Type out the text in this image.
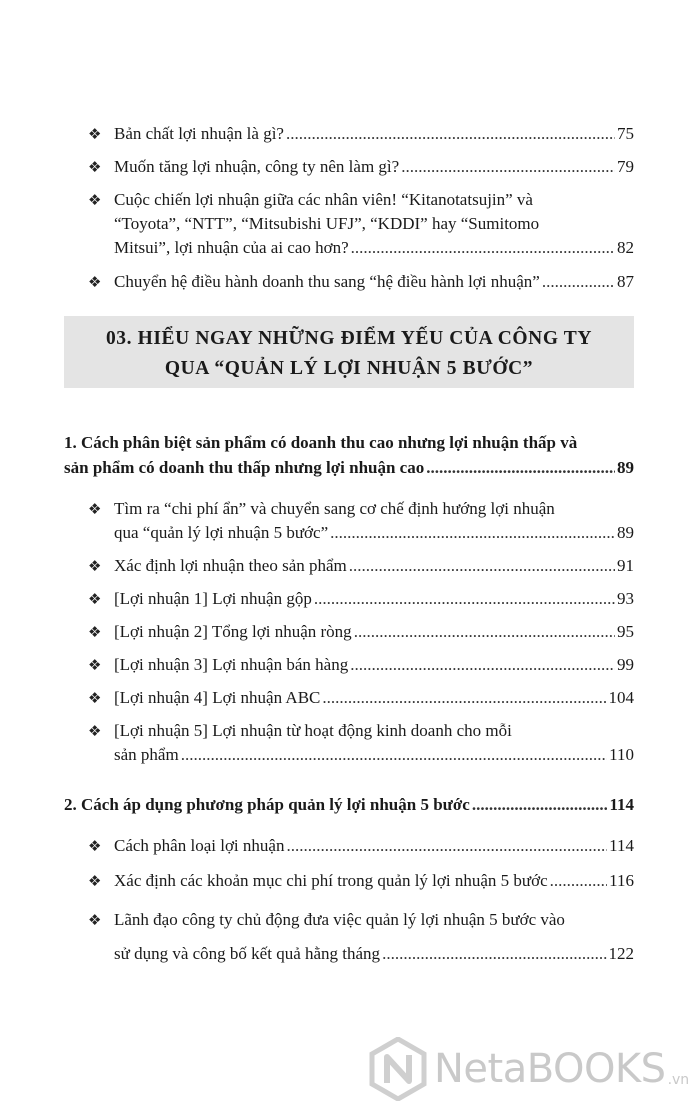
❖ Bản chất lợi nhuận là gì? .....	75
❖ Muốn tăng lợi nhuận, công ty nên làm gì? .....	79
❖ Cuộc chiến lợi nhuận giữa các nhân viên! “Kitanotatsujin” và
“Toyota”, “NTT”, “Mitsubishi UFJ”, “KDDI” hay “Sumitomo
Mitsui”, lợi nhuận của ai cao hơn? .....	82
❖ Chuyển hệ điều hành doanh thu sang “hệ điều hành lợi nhuận” .....	87
03. HIỂU NGAY NHỮNG ĐIỂM YẾU CỦA CÔNG TY
QUA “QUẢN LÝ LỢI NHUẬN 5 BƯỚC”
1. Cách phân biệt sản phẩm có doanh thu cao nhưng lợi nhuận thấp và
sản phẩm có doanh thu thấp nhưng lợi nhuận cao .....	89
❖ Tìm ra “chi phí ẩn” và chuyển sang cơ chế định hướng lợi nhuận
qua “quản lý lợi nhuận 5 bước” .....	89
❖ Xác định lợi nhuận theo sản phẩm .....	91
❖ [Lợi nhuận 1] Lợi nhuận gộp .....	93
❖ [Lợi nhuận 2] Tổng lợi nhuận ròng .....	95
❖ [Lợi nhuận 3] Lợi nhuận bán hàng .....	99
❖ [Lợi nhuận 4] Lợi nhuận ABC .....	104
❖ [Lợi nhuận 5] Lợi nhuận từ hoạt động kinh doanh cho mỗi
sản phẩm .....	110
2. Cách áp dụng phương pháp quản lý lợi nhuận 5 bước .....	114
❖ Cách phân loại lợi nhuận .....	114
❖ Xác định các khoản mục chi phí trong quản lý lợi nhuận 5 bước .....	116
❖ Lãnh đạo công ty chủ động đưa việc quản lý lợi nhuận 5 bước vào
sử dụng và công bố kết quả hằng tháng .....	122
NetaBOOKS .vn
